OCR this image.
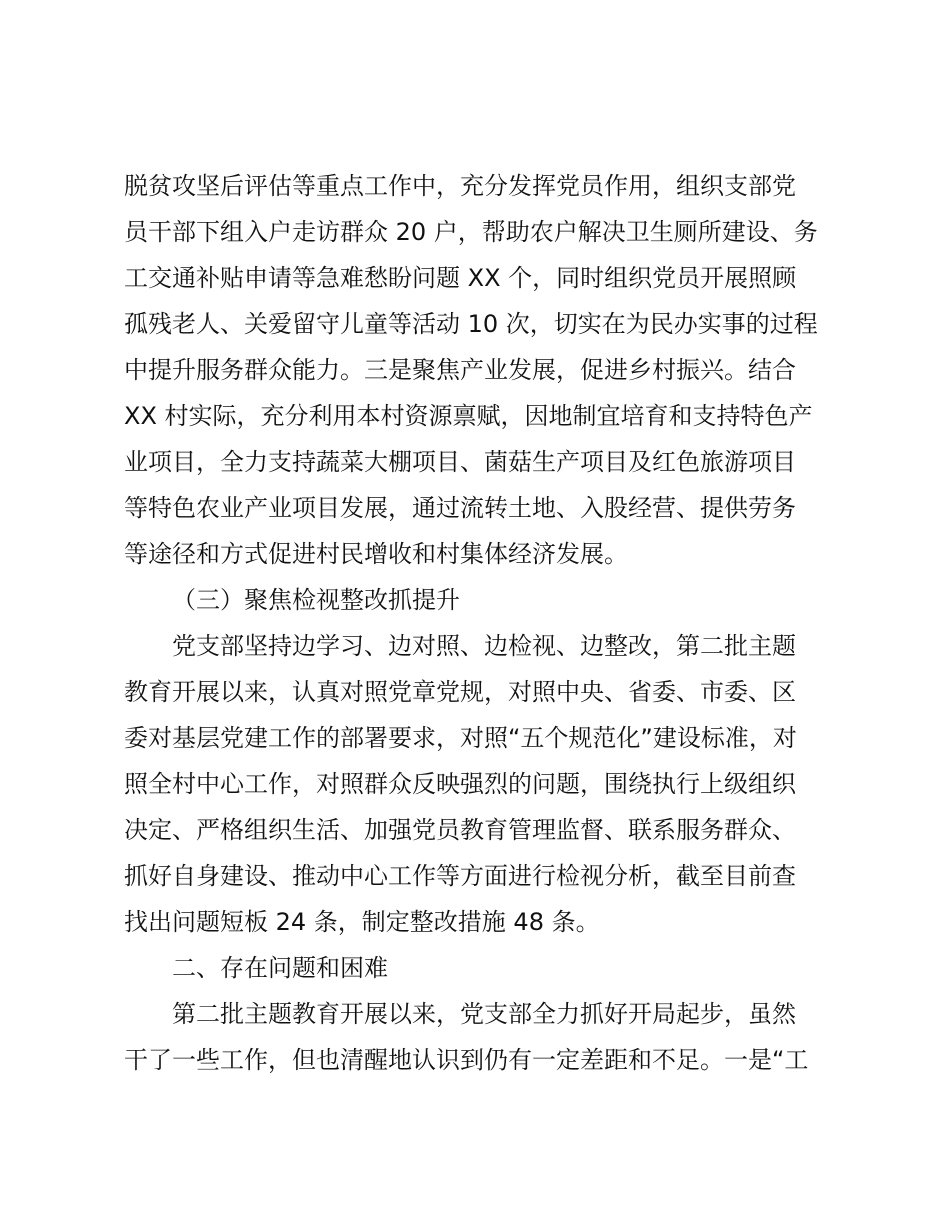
脱贫攻坚后评估等重点工作中，充分发挥党员作用，组织支部党
员干部下组入户走访群众 20 户，帮助农户解决卫生厕所建设、务
工交通补贴申请等急难愁盼问题 XX 个，同时组织党员开展照顾
孤残老人、关爱留守儿童等活动 10 次，切实在为民办实事的过程
中提升服务群众能力。三是聚焦产业发展，促进乡村振兴。结合
XX 村实际，充分利用本村资源禀赋，因地制宜培育和支持特色产
业项目，全力支持蔬菜大棚项目、菌菇生产项目及红色旅游项目
等特色农业产业项目发展，通过流转土地、入股经营、提供劳务
等途径和方式促进村民增收和村集体经济发展。
（三）聚焦检视整改抓提升
党支部坚持边学习、边对照、边检视、边整改，第二批主题
教育开展以来，认真对照党章党规，对照中央、省委、市委、区
委对基层党建工作的部署要求，对照“五个规范化”建设标准，对
照全村中心工作，对照群众反映强烈的问题，围绕执行上级组织
决定、严格组织生活、加强党员教育管理监督、联系服务群众、
抓好自身建设、推动中心工作等方面进行检视分析，截至目前查
找出问题短板 24 条，制定整改措施 48 条。
二、存在问题和困难
第二批主题教育开展以来，党支部全力抓好开局起步，虽然
干了一些工作，但也清醒地认识到仍有一定差距和不足。一是“工
